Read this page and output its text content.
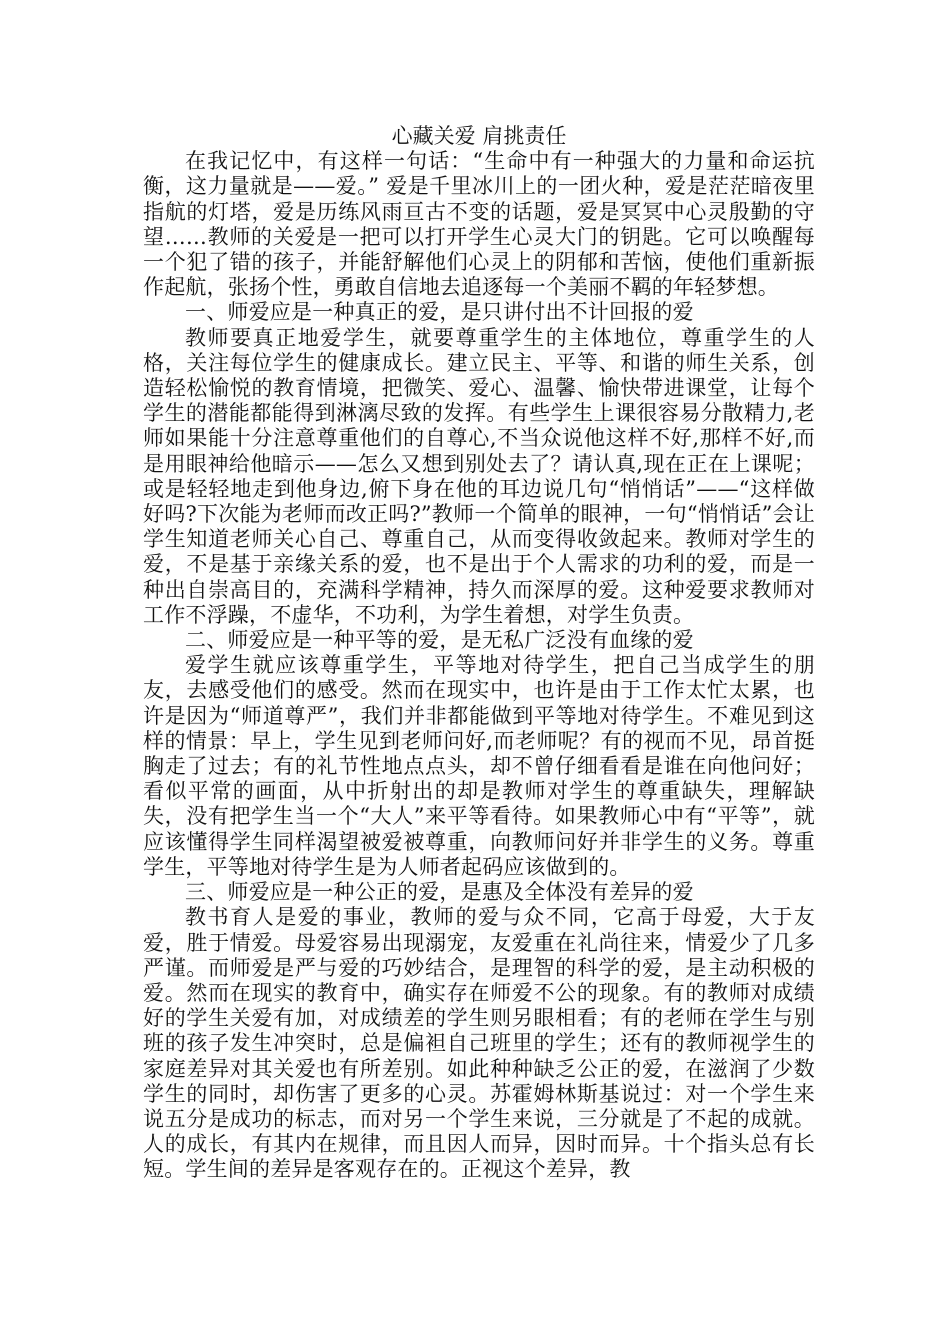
心藏关爱 肩挑责任

在我记忆中，有这样一句话：“生命中有一种强大的力量和命运抗衡，这力量就是——爱。” 爱是千里冰川上的一团火种，爱是茫茫暗夜里指航的灯塔，爱是历练风雨亘古不变的话题，爱是冥冥中心灵殷勤的守望……教师的关爱是一把可以打开学生心灵大门的钥匙。它可以唤醒每一个犯了错的孩子，并能舒解他们心灵上的阴郁和苦恼，使他们重新振作起航，张扬个性，勇敢自信地去追逐每一个美丽不羁的年轻梦想。

一、师爱应是一种真正的爱，是只讲付出不计回报的爱

教师要真正地爱学生，就要尊重学生的主体地位，尊重学生的人格，关注每位学生的健康成长。建立民主、平等、和谐的师生关系，创造轻松愉悦的教育情境，把微笑、爱心、温馨、愉快带进课堂，让每个学生的潜能都能得到淋漓尽致的发挥。有些学生上课很容易分散精力,老师如果能十分注意尊重他们的自尊心,不当众说他这样不好,那样不好,而是用眼神给他暗示——怎么又想到别处去了？请认真,现在正在上课呢；或是轻轻地走到他身边,俯下身在他的耳边说几句“悄悄话”——“这样做好吗?下次能为老师而改正吗?”教师一个简单的眼神，一句“悄悄话”会让学生知道老师关心自己、尊重自己，从而变得收敛起来。教师对学生的爱，不是基于亲缘关系的爱，也不是出于个人需求的功利的爱，而是一种出自崇高目的，充满科学精神，持久而深厚的爱。这种爱要求教师对工作不浮躁，不虚华，不功利，为学生着想，对学生负责。

二、师爱应是一种平等的爱，是无私广泛没有血缘的爱

爱学生就应该尊重学生，平等地对待学生，把自己当成学生的朋友，去感受他们的感受。然而在现实中，也许是由于工作太忙太累，也许是因为“师道尊严”，我们并非都能做到平等地对待学生。不难见到这样的情景：早上，学生见到老师问好,而老师呢？有的视而不见，昂首挺胸走了过去；有的礼节性地点点头，却不曾仔细看看是谁在向他问好；看似平常的画面，从中折射出的却是教师对学生的尊重缺失，理解缺失，没有把学生当一个“大人”来平等看待。如果教师心中有“平等”，就应该懂得学生同样渴望被爱被尊重，向教师问好并非学生的义务。尊重学生，平等地对待学生是为人师者起码应该做到的。

三、师爱应是一种公正的爱，是惠及全体没有差异的爱

教书育人是爱的事业，教师的爱与众不同，它高于母爱，大于友爱，胜于情爱。母爱容易出现溺宠，友爱重在礼尚往来，情爱少了几多严谨。而师爱是严与爱的巧妙结合，是理智的科学的爱，是主动积极的爱。然而在现实的教育中，确实存在师爱不公的现象。有的教师对成绩好的学生关爱有加，对成绩差的学生则另眼相看；有的老师在学生与别班的孩子发生冲突时，总是偏袒自己班里的学生；还有的教师视学生的家庭差异对其关爱也有所差别。如此种种缺乏公正的爱，在滋润了少数学生的同时，却伤害了更多的心灵。苏霍姆林斯基说过：对一个学生来说五分是成功的标志，而对另一个学生来说，三分就是了不起的成就。人的成长，有其内在规律，而且因人而异，因时而异。十个指头总有长短。学生间的差异是客观存在的。正视这个差异，教
